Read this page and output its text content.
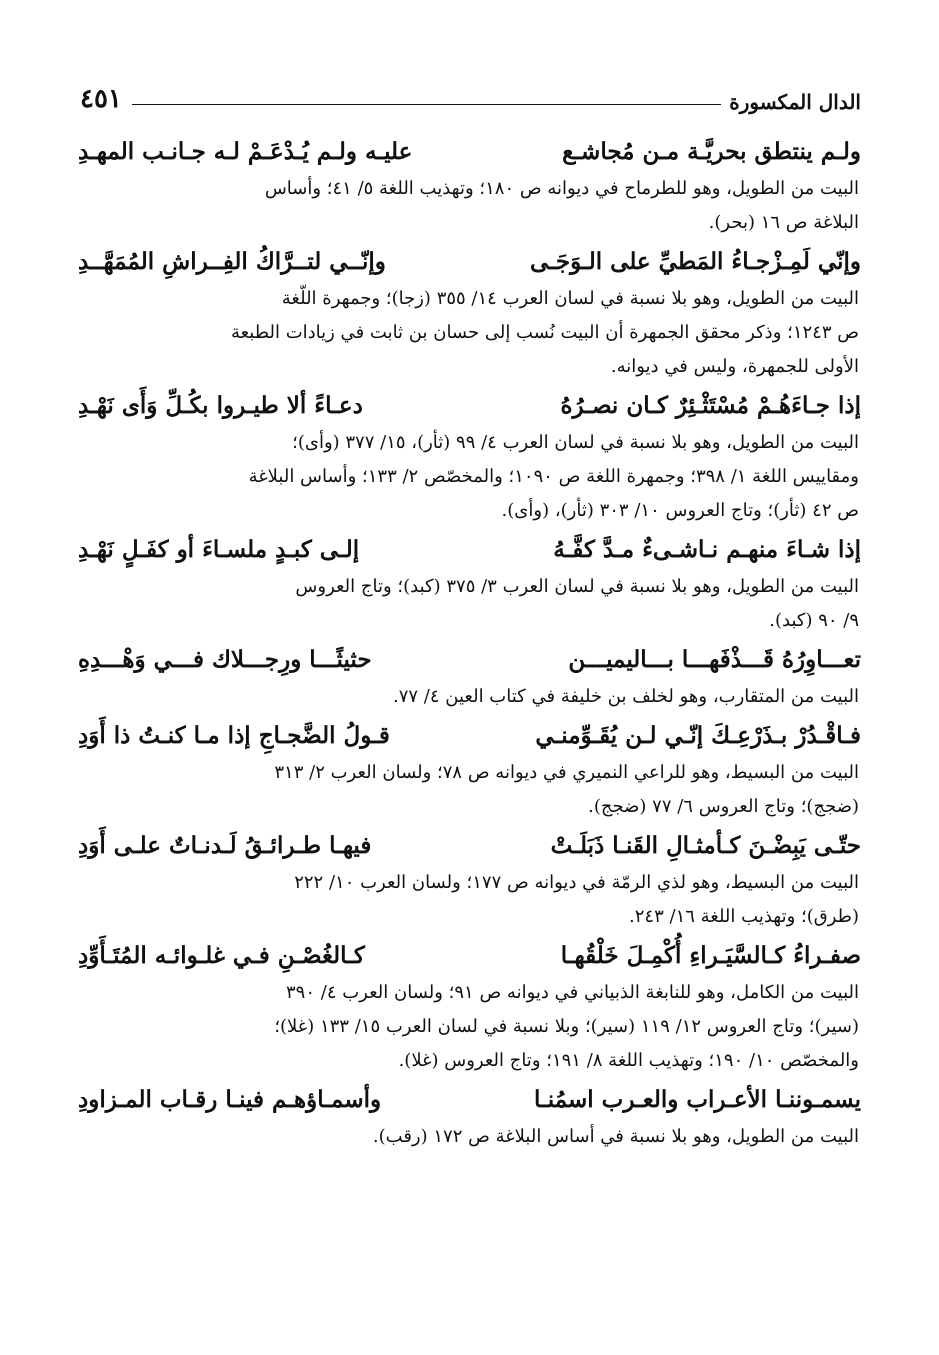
الدال المكسورة
٤٥١
ولـم ينتطق بحريَّـة مـن مُجاشـع
عليـه ولـم يُـدْعَـمْ لـه جـانـب المهـدِ
البيت من الطويل، وهو للطرماح في ديوانه ص ١٨٠؛ وتهذيب اللغة ٥/ ٤١؛ وأساس
البلاغة ص ١٦ (بحر).
وإنّي لَمِـزْجـاءُ المَطيِّ على الـوَجَـى
وإنّــي لتــرَّاكُ الفِــراشِ المُمَهَّــدِ
البيت من الطويل، وهو بلا نسبة في لسان العرب ١٤/ ٣٥٥ (زجا)؛ وجمهرة اللّغة
ص ١٢٤٣؛ وذكر محقق الجمهرة أن البيت نُسب إلى حسان بن ثابت في زيادات الطبعة
الأولى للجمهرة، وليس في ديوانه.
إذا جـاءَهُـمْ مُسْتَثْـئِرٌ كـان نصـرُهُ
دعـاءً ألا طيـروا بكُـلِّ وَأَى نَهْـدِ
البيت من الطويل، وهو بلا نسبة في لسان العرب ٤/ ٩٩ (ثأر)، ١٥/ ٣٧٧ (وأى)؛
ومقاييس اللغة ١/ ٣٩٨؛ وجمهرة اللغة ص ١٠٩٠؛ والمخصّص ٢/ ١٣٣؛ وأساس البلاغة
ص ٤٢ (ثأر)؛ وتاج العروس ١٠/ ٣٠٣ (ثأر)، (وأى).
إذا شـاءَ منهـم نـاشـىءٌ مـدَّ كفَّـهُ
إلـى كبـدٍ ملسـاءَ أو كفَـلٍ نَهْـدِ
البيت من الطويل، وهو بلا نسبة في لسان العرب ٣/ ٣٧٥ (كبد)؛ وتاج العروس
٩/ ٩٠ (كبد).
تعـــاوِرُهُ قَـــذْفَهـــا بـــاليميـــن
حثيثًـــا ورِجـــلاك فـــي وَهْـــدِهِ
البيت من المتقارب، وهو لخلف بن خليفة في كتاب العين ٤/ ٧٧.
فـاقْـدُرْ بـذَرْعِـكَ إنّـي لـن يُقَـوِّمنـي
قـولُ الضَّجـاجِ إذا مـا كنـتُ ذا أَوَدِ
البيت من البسيط، وهو للراعي النميري في ديوانه ص ٧٨؛ ولسان العرب ٢/ ٣١٣
(ضجج)؛ وتاج العروس ٦/ ٧٧ (ضجج).
حتّـى يَبِضْـنَ كـأمثـالِ القَنـا ذَبَلَـتْ
فيهـا طـرائـقُ لَـدنـاتٌ علـى أَوَدِ
البيت من البسيط، وهو لذي الرمّة في ديوانه ص ١٧٧؛ ولسان العرب ١٠/ ٢٢٢
(طرق)؛ وتهذيب اللغة ١٦/ ٢٤٣.
صفـراءُ كـالسَّيَـراءِ أُكْمِـلَ خَلْقُهـا
كـالغُصْـنِ فـي غلـوائـه المُتَـأَوِّدِ
البيت من الكامل، وهو للنابغة الذبياني في ديوانه ص ٩١؛ ولسان العرب ٤/ ٣٩٠
(سير)؛ وتاج العروس ١٢/ ١١٩ (سير)؛ وبلا نسبة في لسان العرب ١٥/ ١٣٣ (غلا)؛
والمخصّص ١٠/ ١٩٠؛ وتهذيب اللغة ٨/ ١٩١؛ وتاج العروس (غلا).
يسمـوننـا الأعـراب والعـرب اسمُنـا
وأسمـاؤهـم فينـا رقـاب المـزاودِ
البيت من الطويل، وهو بلا نسبة في أساس البلاغة ص ١٧٢ (رقب).
